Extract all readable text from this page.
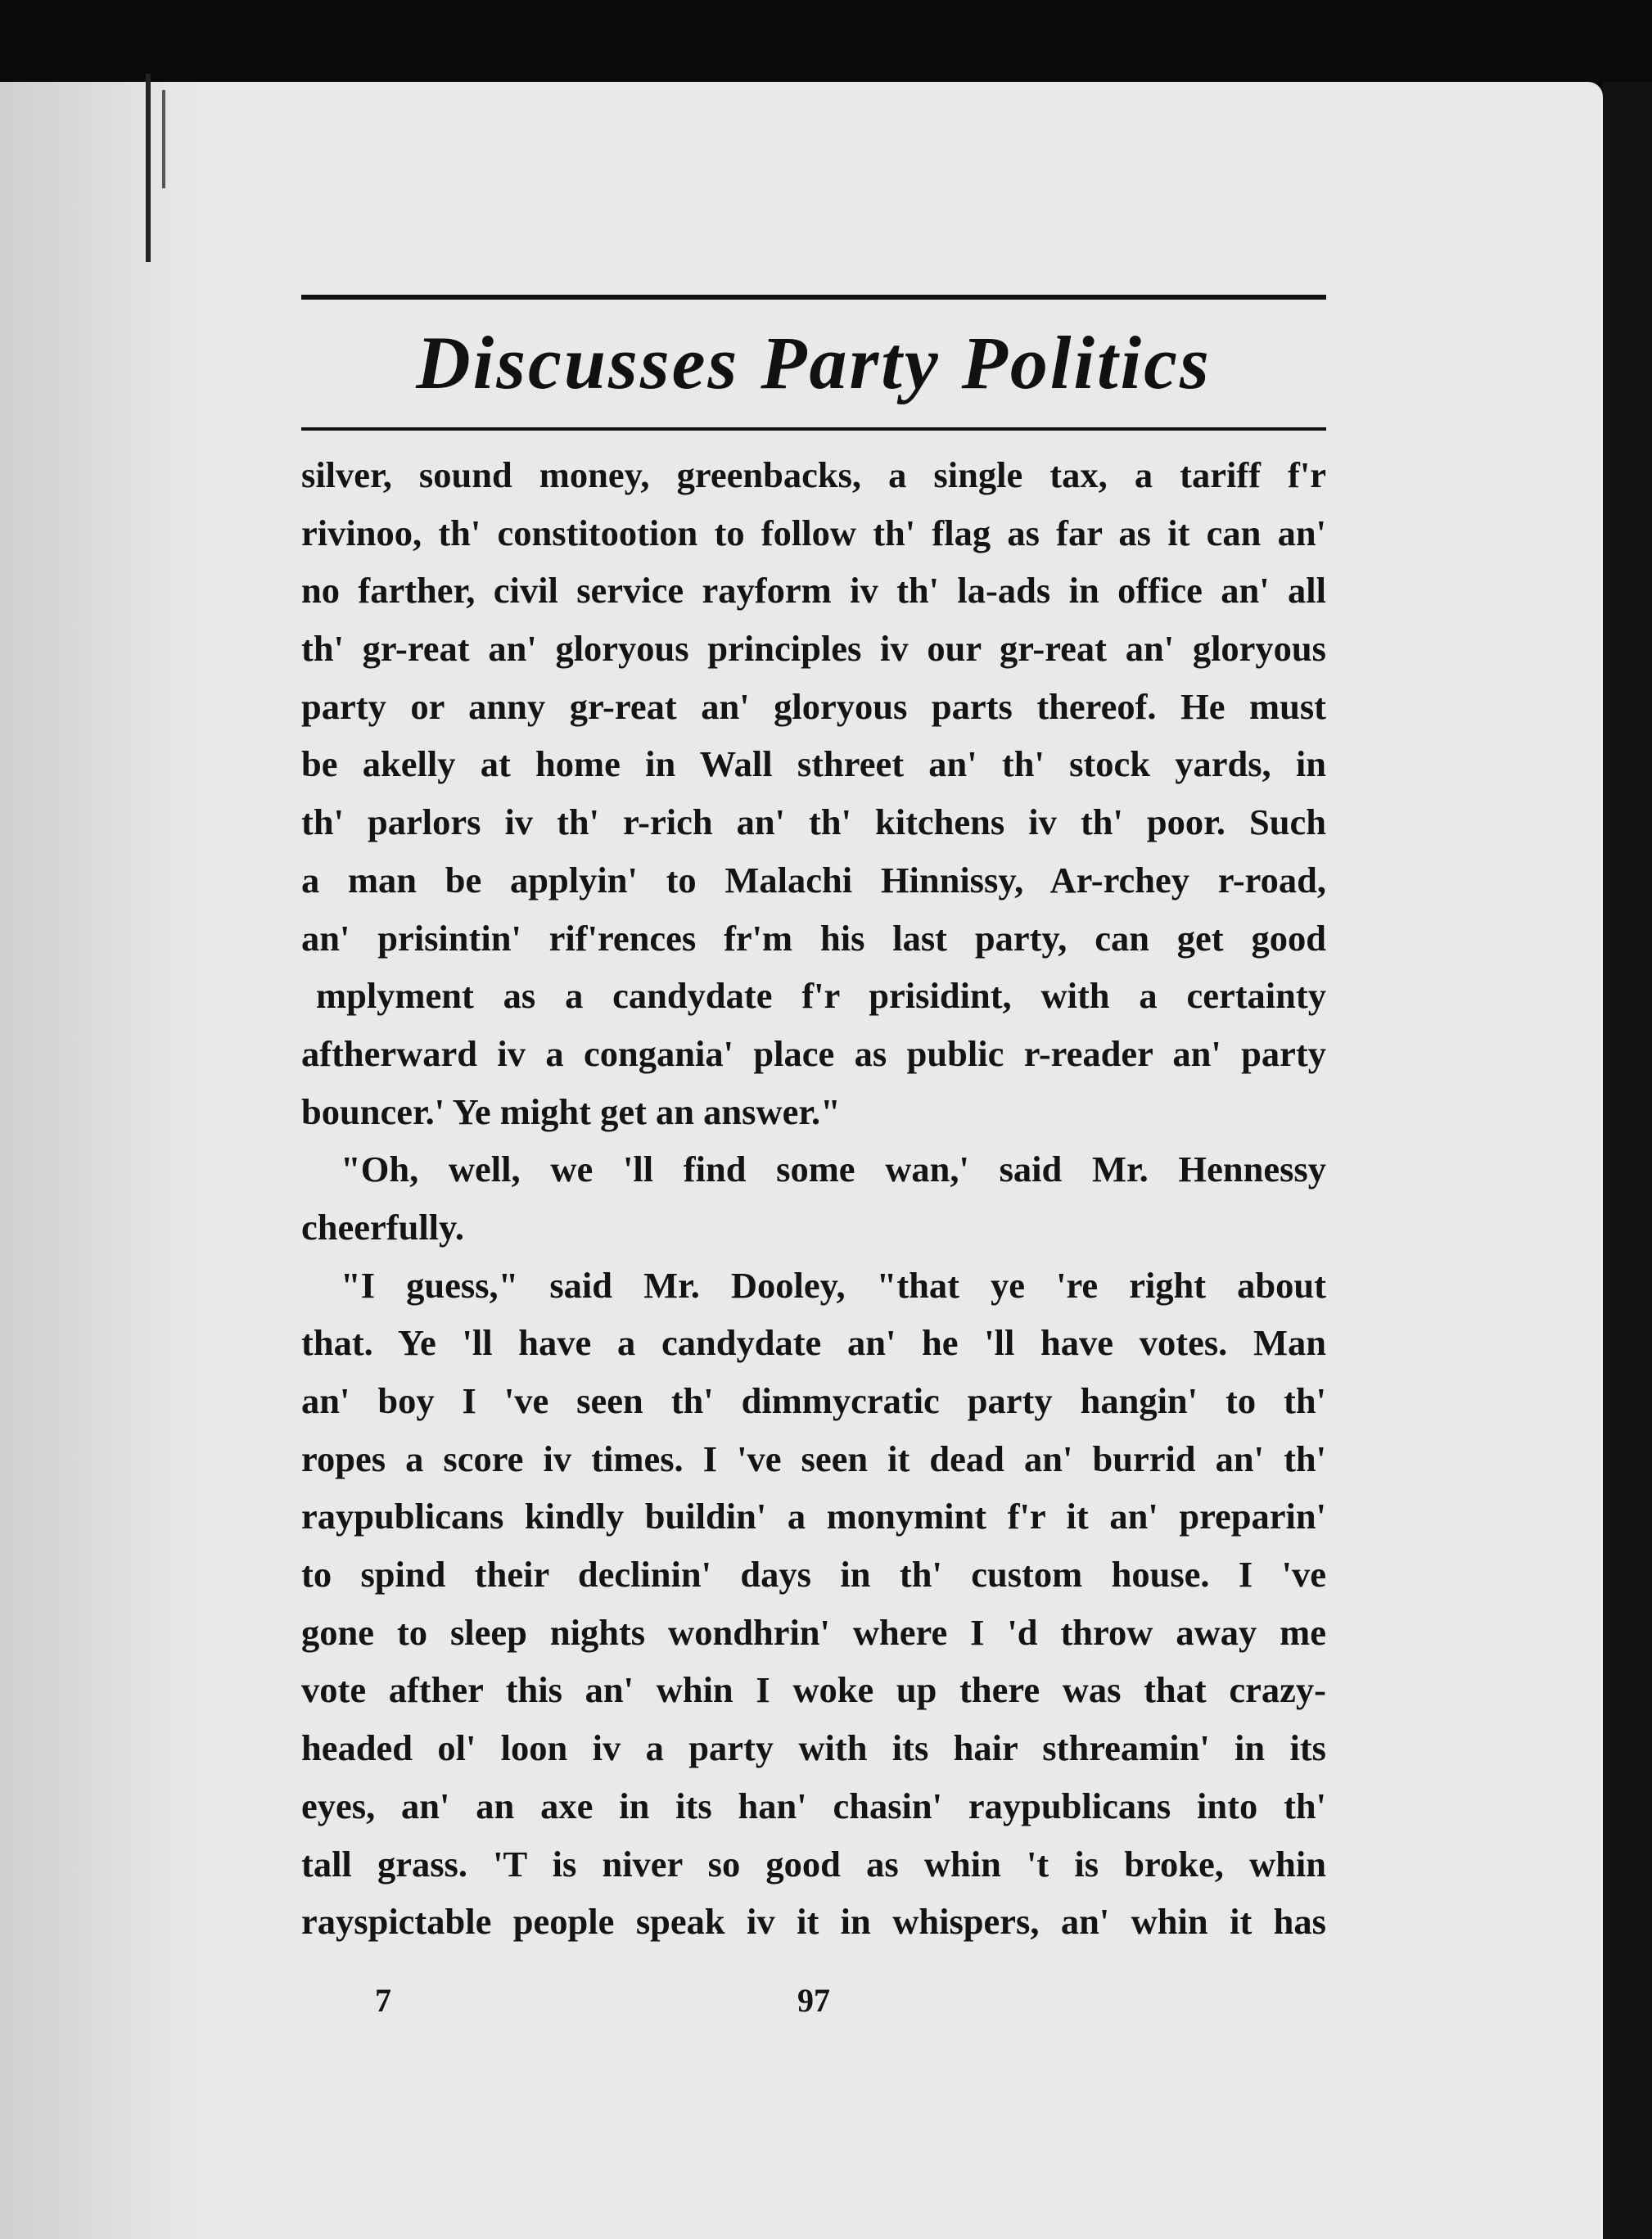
Discusses Party Politics
silver, sound money, greenbacks, a single tax, a tariff f'r
rivinoo, th' constitootion to follow th' flag as far as it can an'
no farther, civil service rayform iv th' la-ads in office an' all
th' gr-reat an' gloryous principles iv our gr-reat an' gloryous
party or anny gr-reat an' gloryous parts thereof. He must
be akelly at home in Wall sthreet an' th' stock yards, in
th' parlors iv th' r-rich an' th' kitchens iv th' poor. Such
a man be applyin' to Malachi Hinnissy, Ar-rchey r-road,
an' prisintin' rif'rences fr'm his last party, can get good
mplyment as a candydate f'r prisidint, with a certainty
aftherward iv a congania' place as public r-reader an' party
bouncer.' Ye might get an answer."
"Oh, well, we 'll find some wan,' said Mr. Hennessy
cheerfully.
"I guess," said Mr. Dooley, "that ye 're right about
that. Ye 'll have a candydate an' he 'll have votes. Man
an' boy I 've seen th' dimmycratic party hangin' to th'
ropes a score iv times. I 've seen it dead an' burrid an' th'
raypublicans kindly buildin' a monymint f'r it an' preparin'
to spind their declinin' days in th' custom house. I 've
gone to sleep nights wondhrin' where I 'd throw away me
vote afther this an' whin I woke up there was that crazy-
headed ol' loon iv a party with its hair sthreamin' in its
eyes, an' an axe in its han' chasin' raypublicans into th'
tall grass. 'T is niver so good as whin 't is broke, whin
rayspictable people speak iv it in whispers, an' whin it has
7	97
